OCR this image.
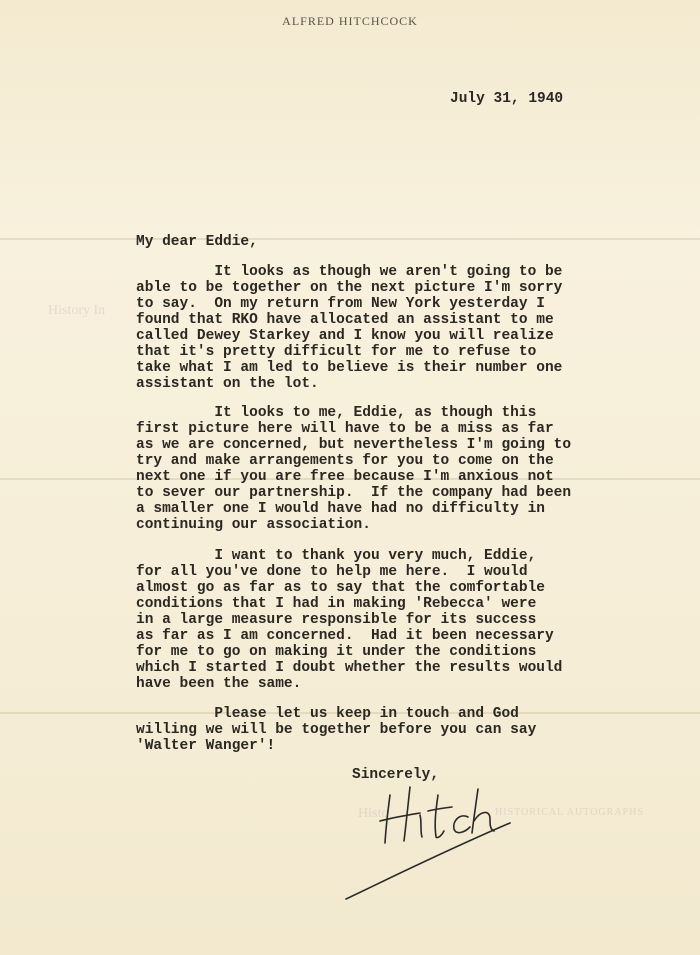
ALFRED HITCHCOCK
History In
Histo	HISTORICAL AUTOGRAPHS
July 31, 1940
My dear Eddie,
It looks as though we aren't going to be
able to be together on the next picture I'm sorry
to say.  On my return from New York yesterday I
found that RKO have allocated an assistant to me
called Dewey Starkey and I know you will realize
that it's pretty difficult for me to refuse to
take what I am led to believe is their number one
assistant on the lot.
It looks to me, Eddie, as though this
first picture here will have to be a miss as far
as we are concerned, but nevertheless I'm going to
try and make arrangements for you to come on the
next one if you are free because I'm anxious not
to sever our partnership.  If the company had been
a smaller one I would have had no difficulty in
continuing our association.
I want to thank you very much, Eddie,
for all you've done to help me here.  I would
almost go as far as to say that the comfortable
conditions that I had in making 'Rebecca' were
in a large measure responsible for its success
as far as I am concerned.  Had it been necessary
for me to go on making it under the conditions
which I started I doubt whether the results would
have been the same.
Please let us keep in touch and God
willing we will be together before you can say
'Walter Wanger'!
Sincerely,
